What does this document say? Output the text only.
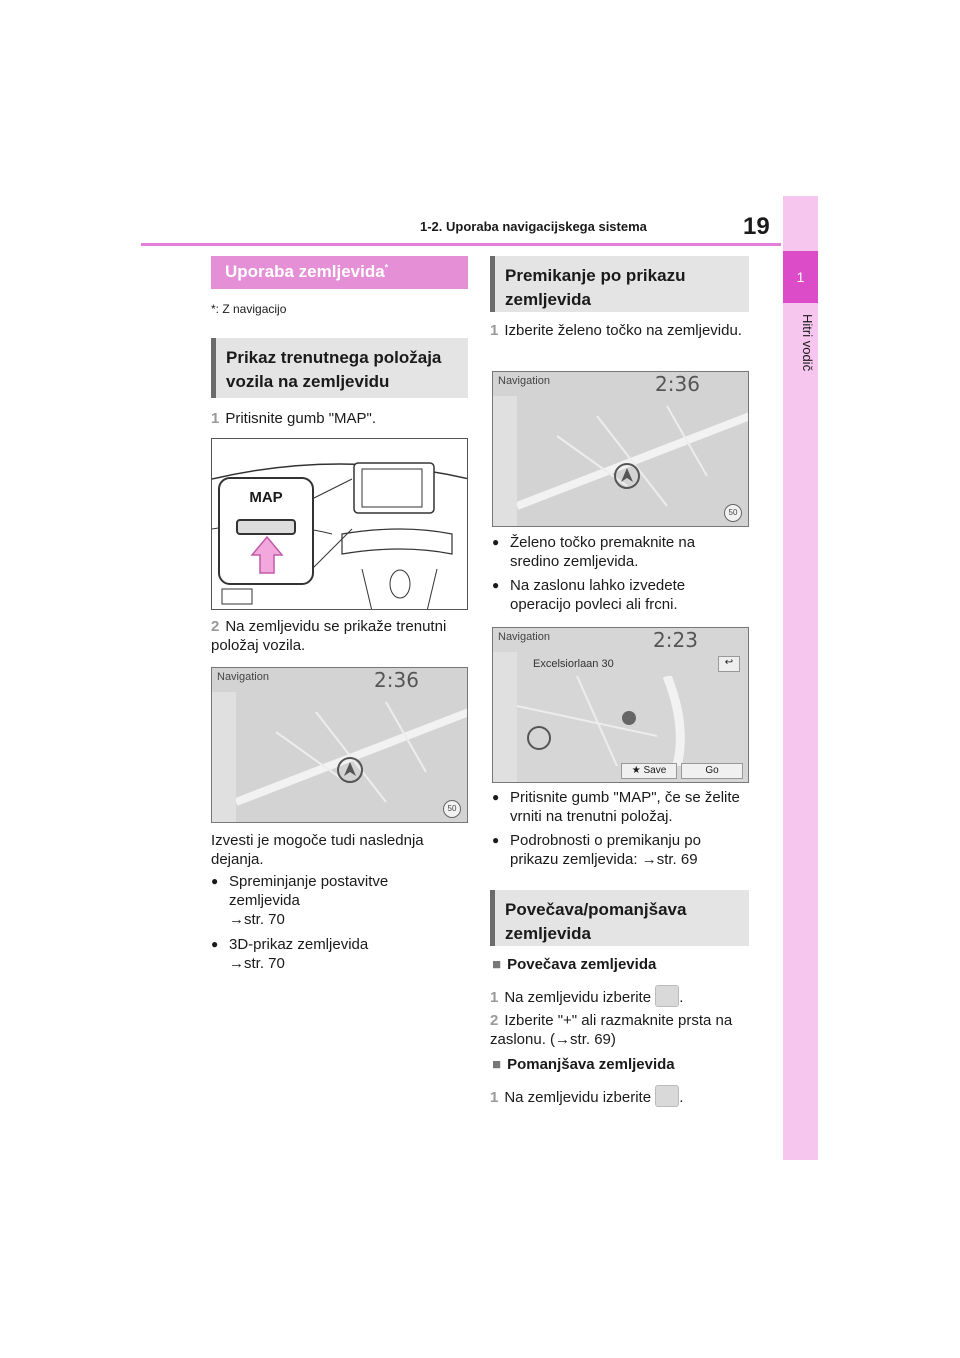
1-2. Uporaba navigacijskega sistema	19
1
Hitri vodič
Uporaba zemljevida*
*: Z navigacijo
Prikaz trenutnega položaja vozila na zemljevidu
1 Pritisnite gumb "MAP".
MAP
2 Na zemljevidu se prikaže trenutni položaj vozila.
Navigation	2:36
50
Izvesti je mogoče tudi naslednja dejanja.
● Spreminjanje postavitve zemljevida
→str. 70
● 3D-prikaz zemljevida
→str. 70
Premikanje po prikazu zemljevida
1 Izberite želeno točko na zemljevidu.
Navigation	2:36
50
● Želeno točko premaknite na sredino zemljevida.
● Na zaslonu lahko izvedete operacijo povleci ali frcni.
Navigation	2:23
Excelsiorlaan 30	↩
★ Save	Go
● Pritisnite gumb "MAP", če se želite vrniti na trenutni položaj.
● Podrobnosti o premikanju po prikazu zemljevida: →str. 69
Povečava/pomanjšava zemljevida
■ Povečava zemljevida
1 Na zemljevidu izberite .
2 Izberite "+" ali razmaknite prsta na zaslonu. (→str. 69)
■ Pomanjšava zemljevida
1 Na zemljevidu izberite .
